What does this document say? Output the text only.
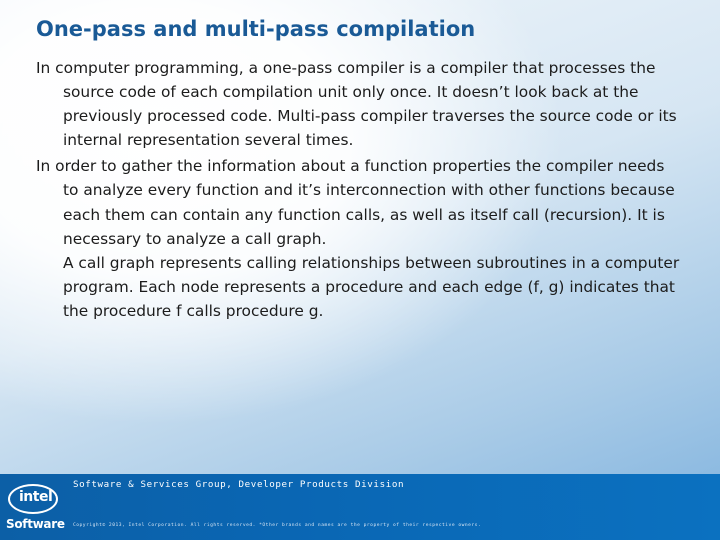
One-pass and multi-pass compilation

In computer programming, a one-pass compiler is a compiler that processes the source code of each compilation unit only once. It doesn’t look back at the previously processed code. Multi-pass compiler traverses the source code or its internal representation several times.

In order to gather the information about a function properties the compiler needs to analyze every function and it’s interconnection with other functions because each them can contain any function calls, as well as itself call (recursion). It is necessary to analyze a call graph.

A call graph represents calling relationships between subroutines in a computer program. Each node represents a procedure and each edge (f, g) indicates that the procedure f calls procedure g.

intel
Software
Software & Services Group, Developer Products Division
Copyright© 2013, Intel Corporation. All rights reserved. *Other brands and names are the property of their respective owners.
